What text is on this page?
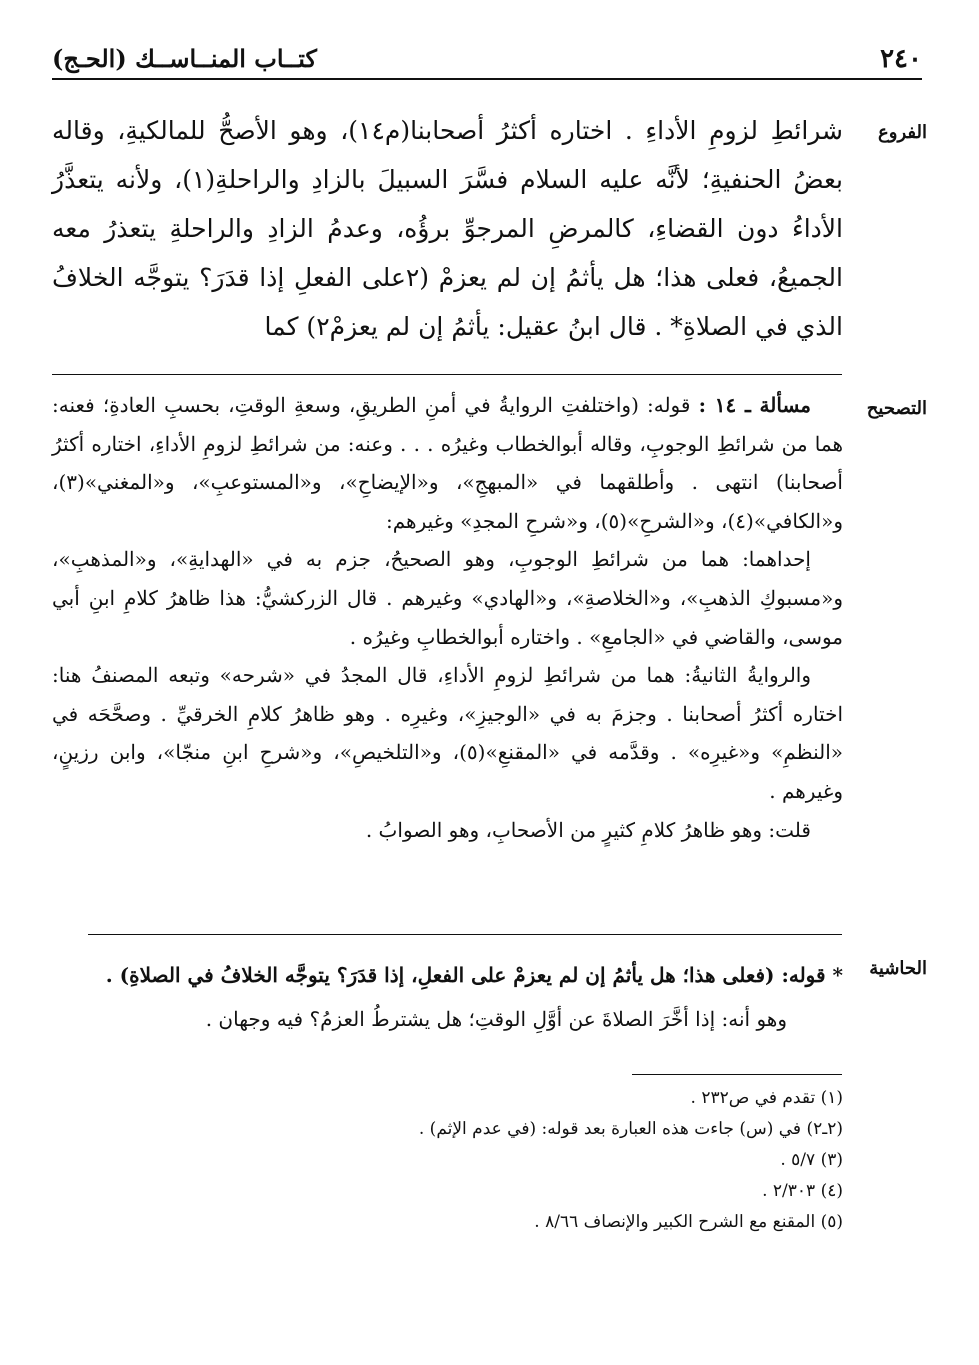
٢٤٠
كتــاب المنــاســك (الحـج)
الفروع
شرائطِ لزومِ الأداءِ . اختاره أكثرُ أصحابنا(م١٤)، وهو الأصحُّ للمالكيةِ، وقاله بعضُ الحنفيةِ؛ لأنَّه عليه السلام فسَّرَ السبيلَ بالزادِ والراحلةِ(١)، ولأنه يتعذَّرُ الأداءُ دون القضاءِ، كالمرضِ المرجوِّ برؤُه، وعدمُ الزادِ والراحلةِ يتعذرُ معه الجميعُ، فعلى هذا؛ هل يأثمُ إن لم يعزمْ (٢على الفعلِ إذا قدَرَ؟ يتوجَّه الخلافُ الذي في الصلاةِ* . قال ابنُ عقيل: يأثمُ إن لم يعزمْ٢) كما
التصحيح

مسألة ـ ١٤ : قوله: (واختلفتِ الروايةُ في أمنِ الطريقِ، وسعةِ الوقتِ، بحسبِ العادةِ؛ فعنه: هما من شرائطِ الوجوبِ، وقاله أبوالخطاب وغيرُه . . . وعنه: من شرائطِ لزومِ الأداءِ، اختاره أكثرُ أصحابنا) انتهى . وأطلقهما في «المبهجِ»، و«الإيضاحِ»، و«المستوعبِ»، و«المغني»(٣)، و«الكافي»(٤)، و«الشرحِ»(٥)، و«شرحِ المجدِ» وغيرهم:

إحداهما: هما من شرائطِ الوجوبِ، وهو الصحيحُ، جزم به في «الهدايةِ»، و«المذهبِ»، و«مسبوكِ الذهبِ»، و«الخلاصةِ»، و«الهادي» وغيرهم . قال الزركشيُّ: هذا ظاهرُ كلامِ ابنِ أبي موسى، والقاضي في «الجامعِ» . واختاره أبوالخطابِ وغيرُه .

والروايةُ الثانيةُ: هما من شرائطِ لزومِ الأداءِ، قال المجدُ في «شرحه» وتبعه المصنفُ هنا: اختاره أكثرُ أصحابنا . وجزمَ به في «الوجيزِ»، وغيرِه . وهو ظاهرُ كلامِ الخرقيِّ . وصحَّحَه في «النظمِ» و«غيرِه» . وقدَّمه في «المقنعِ»(٥)، و«التلخيصِ»، و«شرحِ ابنِ منجّا»، وابن رزينٍ، وغيرهم .

قلت: وهو ظاهرُ كلامِ كثيرٍ من الأصحابِ، وهو الصوابُ .

الحاشية

* قوله: (فعلى هذا؛ هل يأثمُ إن لم يعزمْ على الفعلِ، إذا قدَرَ؟ يتوجَّه الخلافُ في الصلاةِ) .

وهو أنه: إذا أخَّرَ الصلاةَ عن أوَّلِ الوقتِ؛ هل يشترطُ العزمُ؟ فيه وجهان .

(١) تقدم في ص٢٣٢ .
(٢ـ٢) في (س) جاءت هذه العبارة بعد قوله: (في عدم الإثم) .
(٣) ٥/٧ .
(٤) ٢/٣٠٣ .
(٥) المقنع مع الشرح الكبير والإنصاف ٨/٦٦ .
